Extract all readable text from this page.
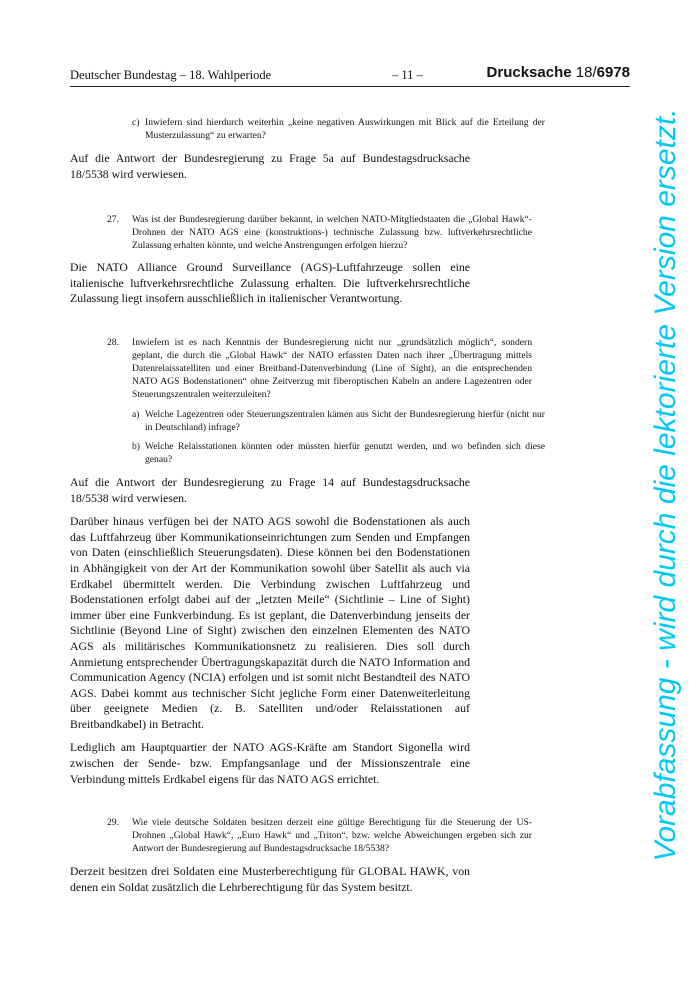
Deutscher Bundestag – 18. Wahlperiode	– 11 –	Drucksache 18/6978

c) Inwiefern sind hierdurch weiterhin „keine negativen Auswirkungen mit Blick auf die Erteilung der Musterzulassung“ zu erwarten?

Auf die Antwort der Bundesregierung zu Frage 5a auf Bundestagsdrucksache 18/5538 wird verwiesen.

27. Was ist der Bundesregierung darüber bekannt, in welchen NATO-Mitgliedstaaten die „Global Hawk“-Drohnen der NATO AGS eine (konstruktions-) technische Zulassung bzw. luftverkehrsrechtliche Zulassung erhalten könnte, und welche Anstrengungen erfolgen hierzu?

Die NATO Alliance Ground Surveillance (AGS)-Luftfahrzeuge sollen eine italienische luftverkehrsrechtliche Zulassung erhalten. Die luftverkehrsrechtliche Zulassung liegt insofern ausschließlich in italienischer Verantwortung.

28. Inwiefern ist es nach Kenntnis der Bundesregierung nicht nur „grundsätzlich möglich“, sondern geplant, die durch die „Global Hawk“ der NATO erfassten Daten nach ihrer „Übertragung mittels Datenrelaissatelliten und einer Breitband-Datenverbindung (Line of Sight), an die entsprechenden NATO AGS Bodenstationen“ ohne Zeitverzug mit fiberoptischen Kabeln an andere Lagezentren oder Steuerungszentralen weiterzuleiten?

a) Welche Lagezentren oder Steuerungszentralen kämen aus Sicht der Bundesregierung hierfür (nicht nur in Deutschland) infrage?

b) Welche Relaisstationen könnten oder müssten hierfür genutzt werden, und wo befinden sich diese genau?

Auf die Antwort der Bundesregierung zu Frage 14 auf Bundestagsdrucksache 18/5538 wird verwiesen.

Darüber hinaus verfügen bei der NATO AGS sowohl die Bodenstationen als auch das Luftfahrzeug über Kommunikationseinrichtungen zum Senden und Empfangen von Daten (einschließlich Steuerungsdaten). Diese können bei den Bodenstationen in Abhängigkeit von der Art der Kommunikation sowohl über Satellit als auch via Erdkabel übermittelt werden. Die Verbindung zwischen Luftfahrzeug und Bodenstationen erfolgt dabei auf der „letzten Meile“ (Sichtlinie – Line of Sight) immer über eine Funkverbindung. Es ist geplant, die Datenverbindung jenseits der Sichtlinie (Beyond Line of Sight) zwischen den einzelnen Elementen des NATO AGS als militärisches Kommunikationsnetz zu realisieren. Dies soll durch Anmietung entsprechender Übertragungskapazität durch die NATO Information and Communication Agency (NCIA) erfolgen und ist somit nicht Bestandteil des NATO AGS. Dabei kommt aus technischer Sicht jegliche Form einer Datenweiterleitung über geeignete Medien (z. B. Satelliten und/oder Relaisstationen auf Breitbandkabel) in Betracht.

Lediglich am Hauptquartier der NATO AGS-Kräfte am Standort Sigonella wird zwischen der Sende- bzw. Empfangsanlage und der Missionszentrale eine Verbindung mittels Erdkabel eigens für das NATO AGS errichtet.

29. Wie viele deutsche Soldaten besitzen derzeit eine gültige Berechtigung für die Steuerung der US-Drohnen „Global Hawk“, „Euro Hawk“ und „Triton“, bzw. welche Abweichungen ergeben sich zur Antwort der Bundesregierung auf Bundestagsdrucksache 18/5538?

Derzeit besitzen drei Soldaten eine Musterberechtigung für GLOBAL HAWK, von denen ein Soldat zusätzlich die Lehrberechtigung für das System besitzt.

Vorabfassung - wird durch die lektorierte Version ersetzt.
